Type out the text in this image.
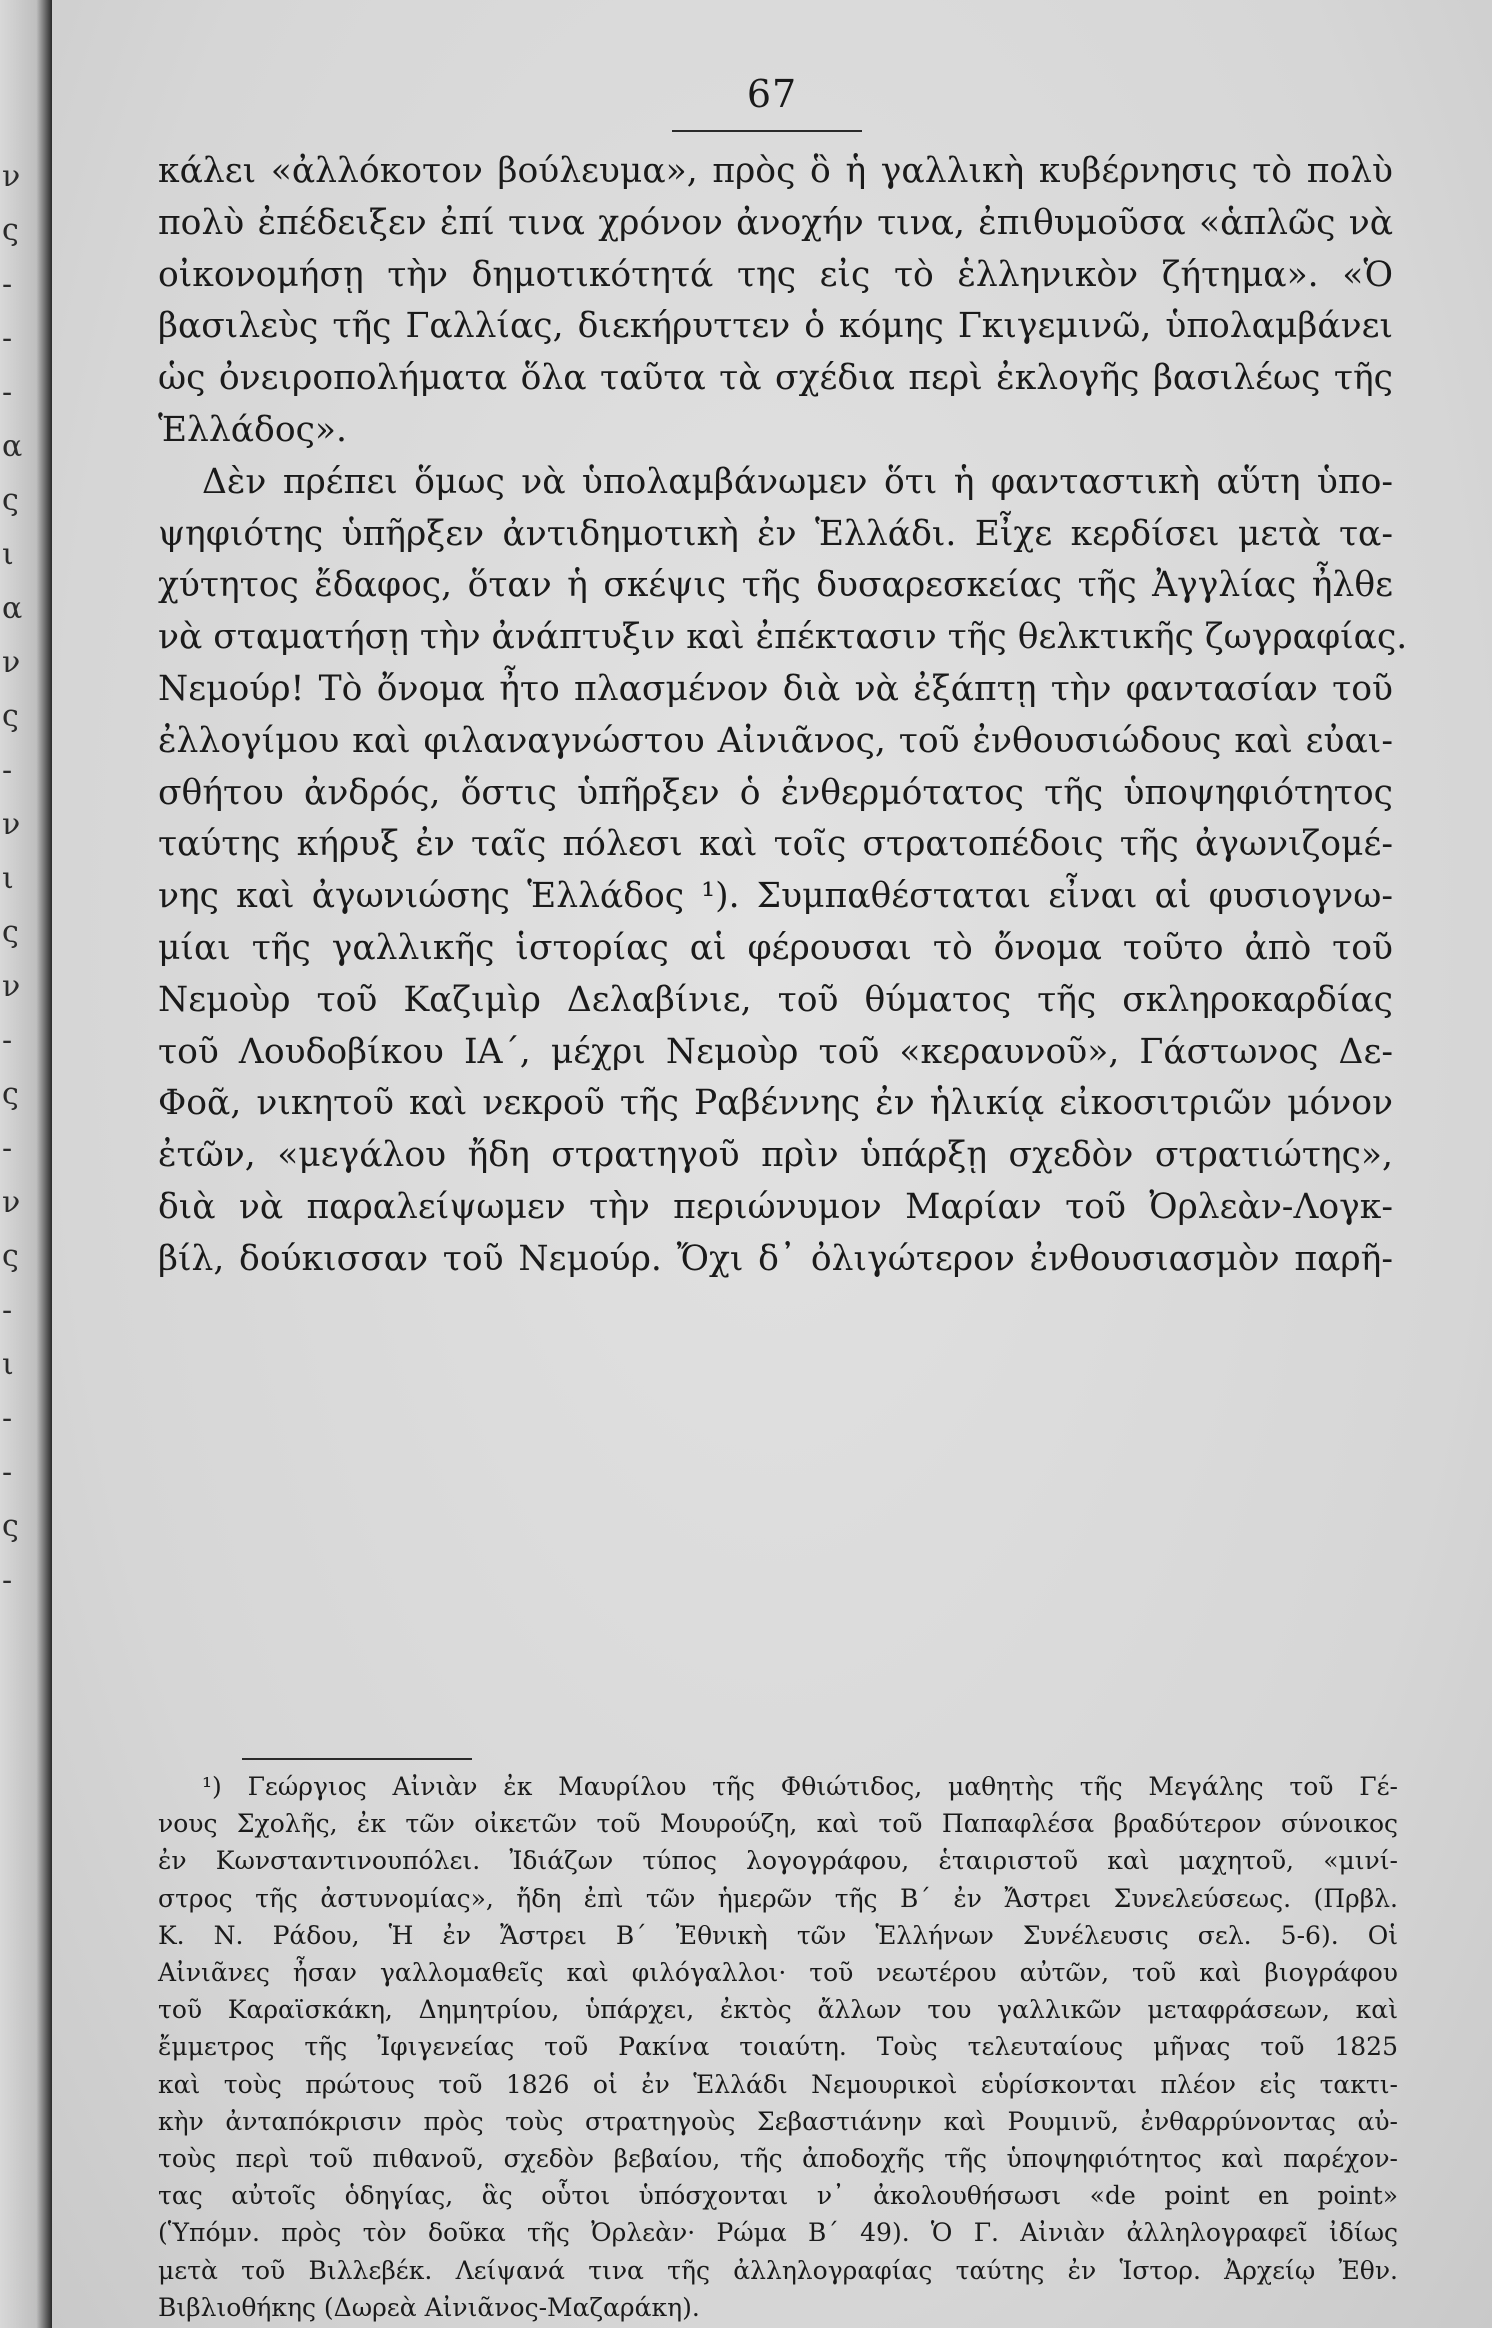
ν
ς
-
-
-
α
ς
ι
α
ν
ς
-
ν
ι
ς
ν
-
ς
-
ν
ς
-
ι
-
-
ς
-
67
κάλει «ἀλλόκοτον βούλευμα», πρὸς ὃ ἡ γαλλικὴ κυβέρνησις τὸ πολὺ
πολὺ ἐπέδειξεν ἐπί τινα χρόνον ἀνοχήν τινα, ἐπιθυμοῦσα «ἁπλῶς νὰ
οἰκονομήσῃ τὴν δημοτικότητά της εἰς τὸ ἑλληνικὸν ζήτημα». «Ὁ
βασιλεὺς τῆς Γαλλίας, διεκήρυττεν ὁ κόμης Γκιγεμινῶ, ὑπολαμβάνει
ὡς ὀνειροπολήματα ὅλα ταῦτα τὰ σχέδια περὶ ἐκλογῆς βασιλέως τῆς
Ἑλλάδος».
Δὲν πρέπει ὅμως νὰ ὑπολαμβάνωμεν ὅτι ἡ φανταστικὴ αὕτη ὑπο-
ψηφιότης ὑπῆρξεν ἀντιδημοτικὴ ἐν Ἑλλάδι. Εἶχε κερδίσει μετὰ τα-
χύτητος ἔδαφος, ὅταν ἡ σκέψις τῆς δυσαρεσκείας τῆς Ἀγγλίας ἦλθε
νὰ σταματήσῃ τὴν ἀνάπτυξιν καὶ ἐπέκτασιν τῆς θελκτικῆς ζωγραφίας.
Νεμούρ! Τὸ ὄνομα ἦτο πλασμένον διὰ νὰ ἐξάπτῃ τὴν φαντασίαν τοῦ
ἐλλογίμου καὶ φιλαναγνώστου Αἰνιᾶνος, τοῦ ἐνθουσιώδους καὶ εὐαι-
σθήτου ἀνδρός, ὅστις ὑπῆρξεν ὁ ἐνθερμότατος τῆς ὑποψηφιότητος
ταύτης κήρυξ ἐν ταῖς πόλεσι καὶ τοῖς στρατοπέδοις τῆς ἀγωνιζομέ-
νης καὶ ἀγωνιώσης Ἑλλάδος ¹). Συμπαθέσταται εἶναι αἱ φυσιογνω-
μίαι τῆς γαλλικῆς ἱστορίας αἱ φέρουσαι τὸ ὄνομα τοῦτο ἀπὸ τοῦ
Νεμοὺρ τοῦ Καζιμὶρ Δελαβίνιε, τοῦ θύματος τῆς σκληροκαρδίας
τοῦ Λουδοβίκου ΙΑ΄, μέχρι Νεμοὺρ τοῦ «κεραυνοῦ», Γάστωνος Δε-
Φοᾶ, νικητοῦ καὶ νεκροῦ τῆς Ραβέννης ἐν ἡλικίᾳ εἰκοσιτριῶν μόνον
ἐτῶν, «μεγάλου ἤδη στρατηγοῦ πρὶν ὑπάρξῃ σχεδὸν στρατιώτης»,
διὰ νὰ παραλείψωμεν τὴν περιώνυμον Μαρίαν τοῦ Ὀρλεὰν-Λογκ-
βίλ, δούκισσαν τοῦ Νεμούρ. Ὄχι δ᾽ ὀλιγώτερον ἐνθουσιασμὸν παρῆ-
¹) Γεώργιος Αἰνιὰν ἐκ Μαυρίλου τῆς Φθιώτιδος, μαθητὴς τῆς Μεγάλης τοῦ Γέ-
νους Σχολῆς, ἐκ τῶν οἰκετῶν τοῦ Μουρούζη, καὶ τοῦ Παπαφλέσα βραδύτερον σύνοικος
ἐν Κωνσταντινουπόλει. Ἰδιάζων τύπος λογογράφου, ἑταιριστοῦ καὶ μαχητοῦ, «μινί-
στρος τῆς ἀστυνομίας», ἤδη ἐπὶ τῶν ἡμερῶν τῆς Β΄ ἐν Ἄστρει Συνελεύσεως. (Πρβλ.
Κ. Ν. Ράδου, Ἡ ἐν Ἄστρει Β΄ Ἐθνικὴ τῶν Ἑλλήνων Συνέλευσις σελ. 5-6). Οἱ
Αἰνιᾶνες ἦσαν γαλλομαθεῖς καὶ φιλόγαλλοι· τοῦ νεωτέρου αὐτῶν, τοῦ καὶ βιογράφου
τοῦ Καραϊσκάκη, Δημητρίου, ὑπάρχει, ἐκτὸς ἄλλων του γαλλικῶν μεταφράσεων, καὶ
ἔμμετρος τῆς Ἰφιγενείας τοῦ Ρακίνα τοιαύτη. Τοὺς τελευταίους μῆνας τοῦ 1825
καὶ τοὺς πρώτους τοῦ 1826 οἱ ἐν Ἑλλάδι Νεμουρικοὶ εὑρίσκονται πλέον εἰς τακτι-
κὴν ἀνταπόκρισιν πρὸς τοὺς στρατηγοὺς Σεβαστιάνην καὶ Ρουμινῦ, ἐνθαρρύνοντας αὐ-
τοὺς περὶ τοῦ πιθανοῦ, σχεδὸν βεβαίου, τῆς ἀποδοχῆς τῆς ὑποψηφιότητος καὶ παρέχον-
τας αὐτοῖς ὁδηγίας, ἃς οὗτοι ὑπόσχονται ν᾽ ἀκολουθήσωσι «de point en point»
(Ὑπόμν. πρὸς τὸν δοῦκα τῆς Ὀρλεὰν· Ρώμα Β΄ 49). Ὁ Γ. Αἰνιὰν ἀλληλογραφεῖ ἰδίως
μετὰ τοῦ Βιλλεβέκ. Λείψανά τινα τῆς ἀλληλογραφίας ταύτης ἐν Ἱστορ. Ἀρχείῳ Ἐθν.
Βιβλιοθήκης (Δωρεὰ Αἰνιᾶνος-Μαζαράκη).
